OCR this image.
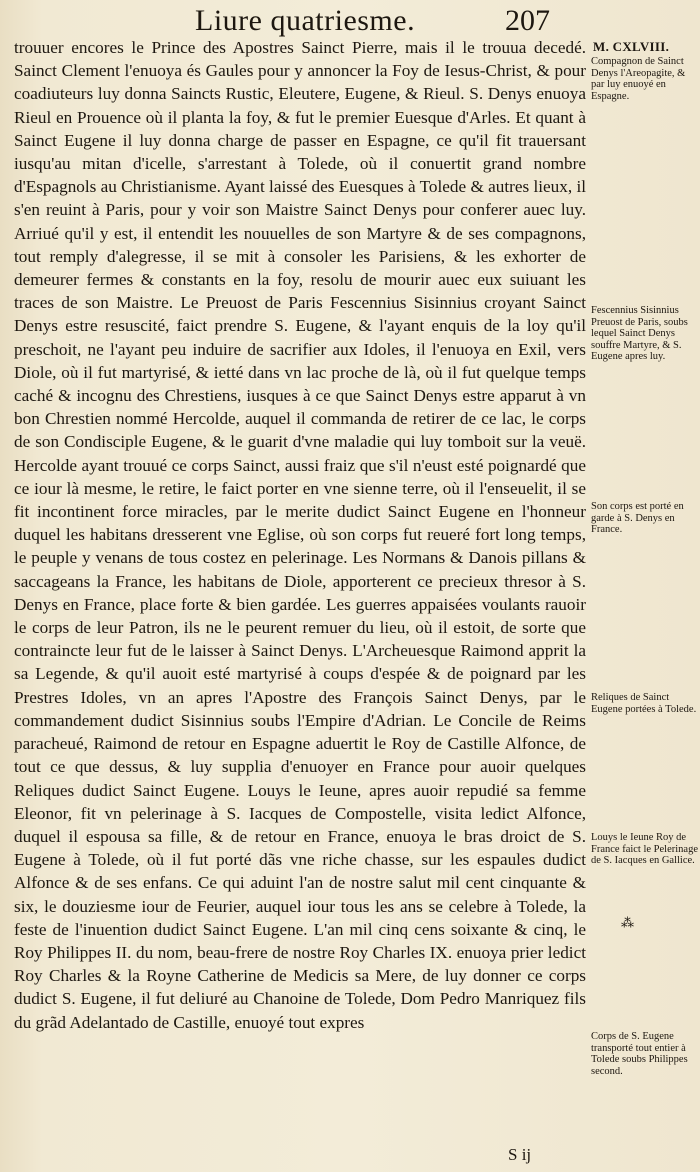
Liure quatriesme.	207
M. CXLVIII.

trouuer encores le Prince des Apostres Sainct Pierre, mais il le trouua decedé. Sainct Clement l'enuoya és Gaules pour y annoncer la Foy de Iesus-Christ, & pour coadiuteurs luy donna Saincts Rustic, Eleutere, Eugene, & Rieul. S. Denys enuoya Rieul en Prouence où il planta la foy, & fut le premier Euesque d'Arles. Et quant à Sainct Eugene il luy donna charge de passer en Espagne, ce qu'il fit trauersant iusqu'au mitan d'icelle, s'arrestant à Tolede, où il conuertit grand nombre d'Espagnols au Christianisme. Ayant laissé des Euesques à Tolede & autres lieux, il s'en reuint à Paris, pour y voir son Maistre Sainct Denys pour conferer auec luy. Arriué qu'il y est, il entendit les nouuelles de son Martyre & de ses compagnons, tout remply d'alegresse, il se mit à consoler les Parisiens, & les exhorter de demeurer fermes & constants en la foy, resolu de mourir auec eux suiuant les traces de son Maistre. Le Preuost de Paris Fescennius Sisinnius croyant Sainct Denys estre resuscité, faict prendre S. Eugene, & l'ayant enquis de la loy qu'il preschoit, ne l'ayant peu induire de sacrifier aux Idoles, il l'enuoya en Exil, vers Diole, où il fut martyrisé, & ietté dans vn lac proche de là, où il fut quelque temps caché & incognu des Chrestiens, iusques à ce que Sainct Denys estre apparut à vn bon Chrestien nommé Hercolde, auquel il commanda de retirer de ce lac, le corps de son Condisciple Eugene, & le guarit d'vne maladie qui luy tomboit sur la veuë. Hercolde ayant trouué ce corps Sainct, aussi fraiz que s'il n'eust esté poignardé que ce iour là mesme, le retire, le faict porter en vne sienne terre, où il l'enseuelit, il se fit incontinent force miracles, par le merite dudict Sainct Eugene en l'honneur duquel les habitans dresserent vne Eglise, où son corps fut reueré fort long temps, le peuple y venans de tous costez en pelerinage. Les Normans & Danois pillans & saccageans la France, les habitans de Diole, apporterent ce precieux thresor à S. Denys en France, place forte & bien gardée. Les guerres appaisées voulants rauoir le corps de leur Patron, ils ne le peurent remuer du lieu, où il estoit, de sorte que contraincte leur fut de le laisser à Sainct Denys. L'Archeuesque Raimond apprit la sa Legende, & qu'il auoit esté martyrisé à coups d'espée & de poignard par les Prestres Idoles, vn an apres l'Apostre des François Sainct Denys, par le commandement dudict Sisinnius soubs l'Empire d'Adrian. Le Concile de Reims paracheué, Raimond de retour en Espagne aduertit le Roy de Castille Alfonce, de tout ce que dessus, & luy supplia d'enuoyer en France pour auoir quelques Reliques dudict Sainct Eugene. Louys le Ieune, apres auoir repudié sa femme Eleonor, fit vn pelerinage à S. Iacques de Compostelle, visita ledict Alfonce, duquel il espousa sa fille, & de retour en France, enuoya le bras droict de S. Eugene à Tolede, où il fut porté dãs vne riche chasse, sur les espaules dudict Alfonce & de ses enfans. Ce qui aduint l'an de nostre salut mil cent cinquante & six, le douziesme iour de Feurier, auquel iour tous les ans se celebre à Tolede, la feste de l'inuention dudict Sainct Eugene. L'an mil cinq cens soixante & cinq, le Roy Philippes II. du nom, beau-frere de nostre Roy Charles IX. enuoya prier ledict Roy Charles & la Royne Catherine de Medicis sa Mere, de luy donner ce corps dudict S. Eugene, il fut deliuré au Chanoine de Tolede, Dom Pedro Manriquez fils du grãd Adelantado de Castille, enuoyé tout expres

Compagnon de Sainct Denys l'Areopagite, & par luy enuoyé en Espagne.
Fescennius Sisinnius Preuost de Paris, soubs lequel Sainct Denys souffre Martyre, & S. Eugene apres luy.
Son corps est porté en garde à S. Denys en France.
Reliques de Sainct Eugene portées à Tolede.
Louys le Ieune Roy de France faict le Pelerinage de S. Iacques en Gallice.
Corps de S. Eugene transporté tout entier à Tolede soubs Philippes second.
⁂
S ij
